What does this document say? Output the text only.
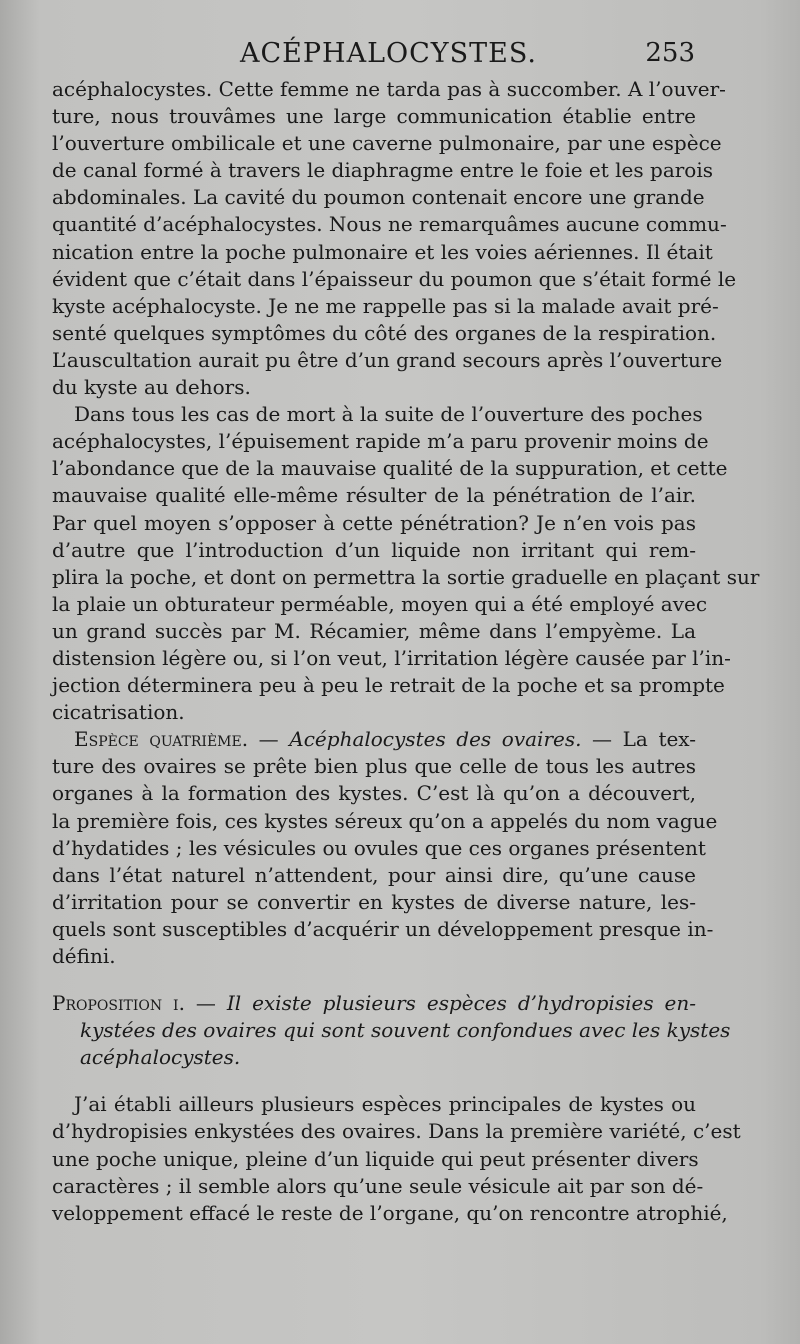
ACÉPHALOCYSTES.	253
acéphalocystes. Cette femme ne tarda pas à succomber. A l’ouver-
ture, nous trouvâmes une large communication établie entre
l’ouverture ombilicale et une caverne pulmonaire, par une espèce
de canal formé à travers le diaphragme entre le foie et les parois
abdominales. La cavité du poumon contenait encore une grande
quantité d’acéphalocystes. Nous ne remarquâmes aucune commu-
nication entre la poche pulmonaire et les voies aériennes. Il était
évident que c’était dans l’épaisseur du poumon que s’était formé le
kyste acéphalocyste. Je ne me rappelle pas si la malade avait pré-
senté quelques symptômes du côté des organes de la respiration.
L’auscultation aurait pu être d’un grand secours après l’ouverture
du kyste au dehors.
Dans tous les cas de mort à la suite de l’ouverture des poches
acéphalocystes, l’épuisement rapide m’a paru provenir moins de
l’abondance que de la mauvaise qualité de la suppuration, et cette
mauvaise qualité elle-même résulter de la pénétration de l’air.
Par quel moyen s’opposer à cette pénétration? Je n’en vois pas
d’autre que l’introduction d’un liquide non irritant qui rem-
plira la poche, et dont on permettra la sortie graduelle en plaçant sur
la plaie un obturateur perméable, moyen qui a été employé avec
un grand succès par M. Récamier, même dans l’empyème. La
distension légère ou, si l’on veut, l’irritation légère causée par l’in-
jection déterminera peu à peu le retrait de la poche et sa prompte
cicatrisation.
Espèce quatrième. — Acéphalocystes des ovaires. — La tex-
ture des ovaires se prête bien plus que celle de tous les autres
organes à la formation des kystes. C’est là qu’on a découvert,
la première fois, ces kystes séreux qu’on a appelés du nom vague
d’hydatides ; les vésicules ou ovules que ces organes présentent
dans l’état naturel n’attendent, pour ainsi dire, qu’une cause
d’irritation pour se convertir en kystes de diverse nature, les-
quels sont susceptibles d’acquérir un développement presque in-
défini.
Proposition i. — Il existe plusieurs espèces d’hydropisies en-
kystées des ovaires qui sont souvent confondues avec les kystes
acéphalocystes.
J’ai établi ailleurs plusieurs espèces principales de kystes ou
d’hydropisies enkystées des ovaires. Dans la première variété, c’est
une poche unique, pleine d’un liquide qui peut présenter divers
caractères ; il semble alors qu’une seule vésicule ait par son dé-
veloppement effacé le reste de l’organe, qu’on rencontre atrophié,
